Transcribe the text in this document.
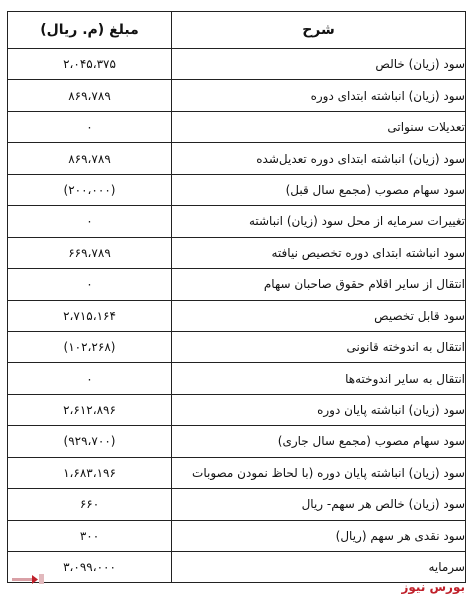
مبلغ (م. ریال)	شرح
۲،۰۴۵،۳۷۵	سود (زیان) خالص
۸۶۹،۷۸۹	سود (زیان) انباشته ابتدای دوره
۰	تعدیلات سنواتی
۸۶۹،۷۸۹	سود (زیان) انباشته ابتدای دوره تعدیل‌شده
(۲۰۰،۰۰۰)	سود سهام مصوب (مجمع سال قبل)
۰	تغییرات سرمایه از محل سود (زیان) انباشته
۶۶۹،۷۸۹	سود انباشته ابتدای دوره تخصیص نیافته
۰	انتقال از سایر اقلام حقوق صاحبان سهام
۲،۷۱۵،۱۶۴	سود قابل تخصیص
(۱۰۲،۲۶۸)	انتقال به اندوخته قانونی
۰	انتقال به سایر اندوخته‌ها
۲،۶۱۲،۸۹۶	سود (زیان) انباشته پایان دوره
(۹۲۹،۷۰۰)	سود سهام مصوب (مجمع سال جاری)
۱،۶۸۳،۱۹۶	سود (زیان) انباشته پایان دوره (با لحاظ نمودن مصوبات
۶۶۰	سود (زیان) خالص هر سهم- ریال
۳۰۰	سود نقدی هر سهم (ریال)
۳،۰۹۹،۰۰۰	سرمایه
بورس نیوز
